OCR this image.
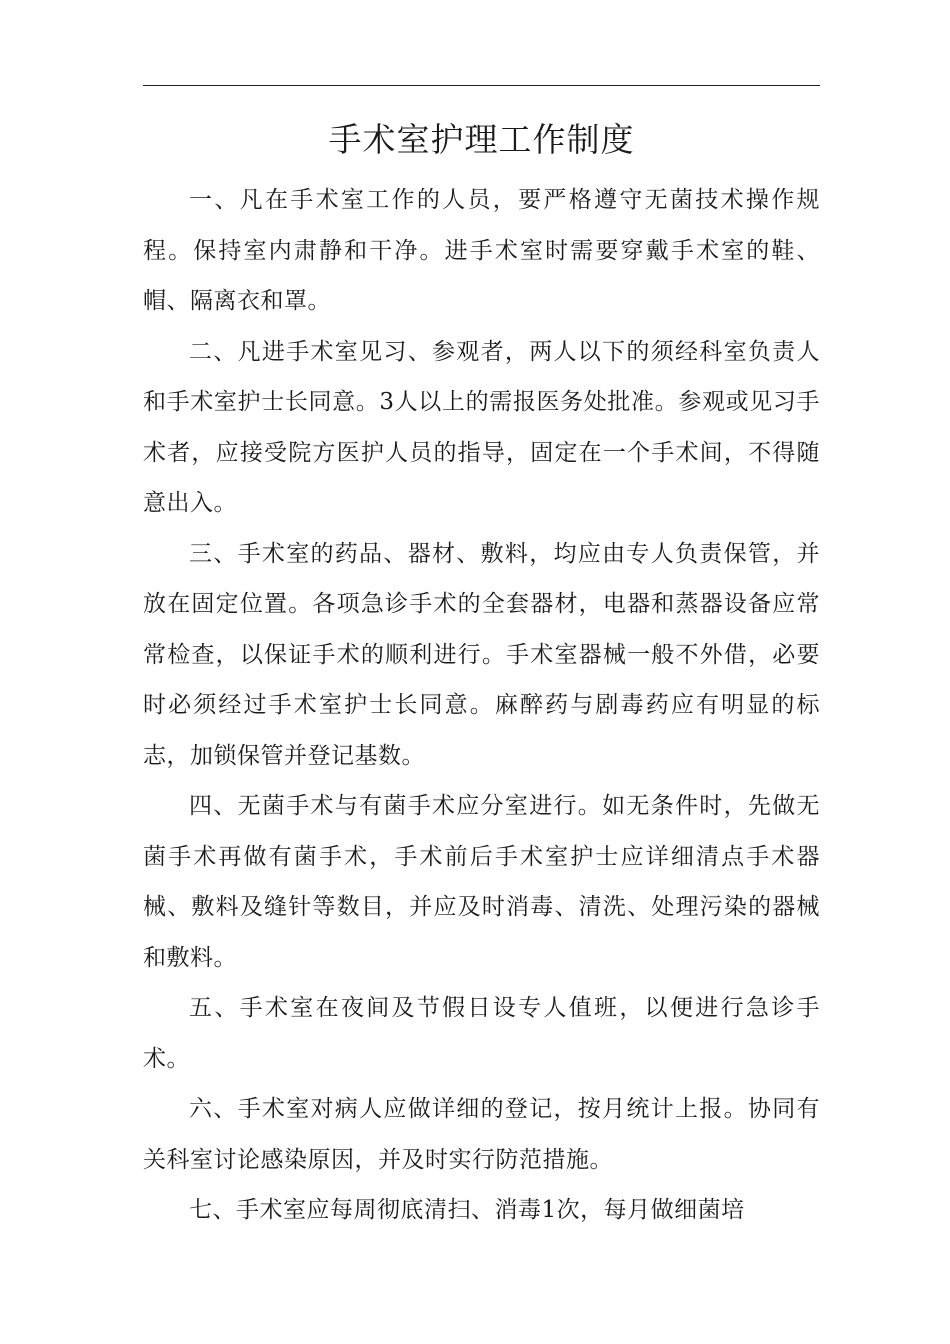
手术室护理工作制度

一、凡在手术室工作的人员，要严格遵守无菌技术操作规程。保持室内肃静和干净。进手术室时需要穿戴手术室的鞋、帽、隔离衣和罩。

二、凡进手术室见习、参观者，两人以下的须经科室负责人和手术室护士长同意。3人以上的需报医务处批准。参观或见习手术者，应接受院方医护人员的指导，固定在一个手术间，不得随意出入。

三、手术室的药品、器材、敷料，均应由专人负责保管，并放在固定位置。各项急诊手术的全套器材，电器和蒸器设备应常常检查，以保证手术的顺利进行。手术室器械一般不外借，必要时必须经过手术室护士长同意。麻醉药与剧毒药应有明显的标志，加锁保管并登记基数。

四、无菌手术与有菌手术应分室进行。如无条件时，先做无菌手术再做有菌手术，手术前后手术室护士应详细清点手术器械、敷料及缝针等数目，并应及时消毒、清洗、处理污染的器械和敷料。

五、手术室在夜间及节假日设专人值班，以便进行急诊手术。

六、手术室对病人应做详细的登记，按月统计上报。协同有关科室讨论感染原因，并及时实行防范措施。

七、手术室应每周彻底清扫、消毒1次，每月做细菌培
